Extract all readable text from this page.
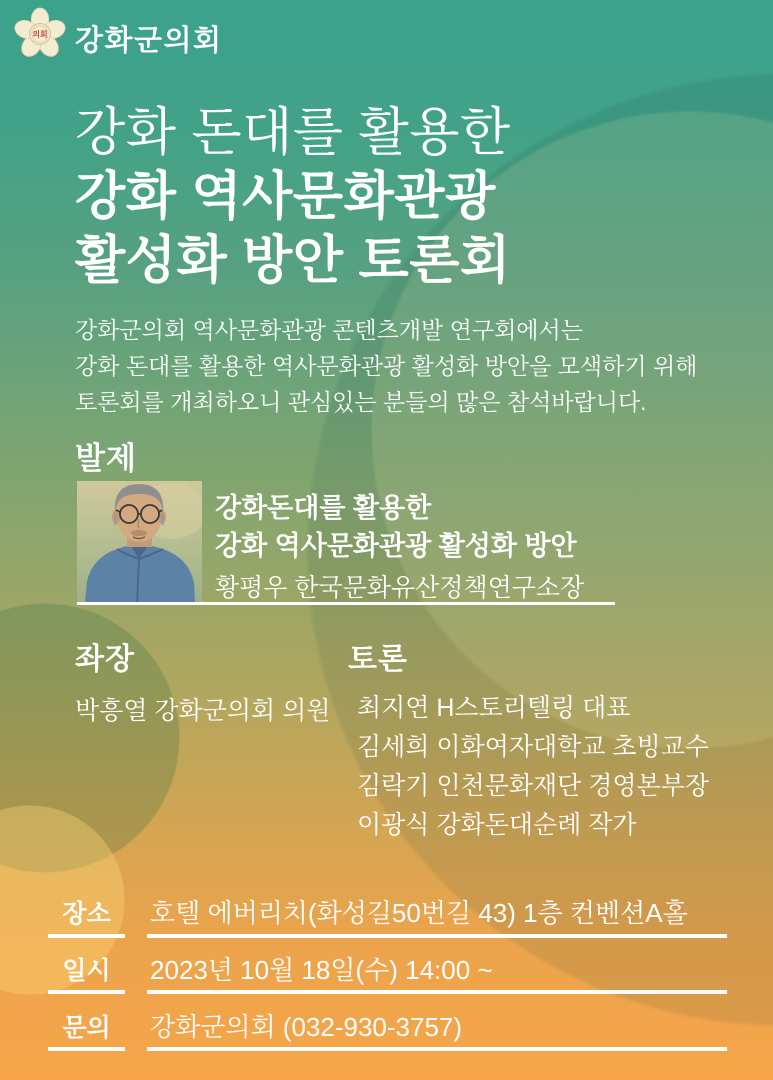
의회 강화군의회
강화 돈대를 활용한
강화 역사문화관광
활성화 방안 토론회
강화군의회 역사문화관광 콘텐츠개발 연구회에서는
강화 돈대를 활용한 역사문화관광 활성화 방안을 모색하기 위해
토론회를 개최하오니 관심있는 분들의 많은 참석바랍니다.
발제
강화돈대를 활용한
강화 역사문화관광 활성화 방안
황평우 한국문화유산정책연구소장
좌장
박흥열 강화군의회 의원
토론
최지연 H스토리텔링 대표
김세희 이화여자대학교 초빙교수
김락기 인천문화재단 경영본부장
이광식 강화돈대순례 작가
장소	호텔 에버리치(화성길50번길 43) 1층 컨벤션A홀
일시	2023년 10월 18일(수) 14:00 ~
문의	강화군의회 (032-930-3757)
